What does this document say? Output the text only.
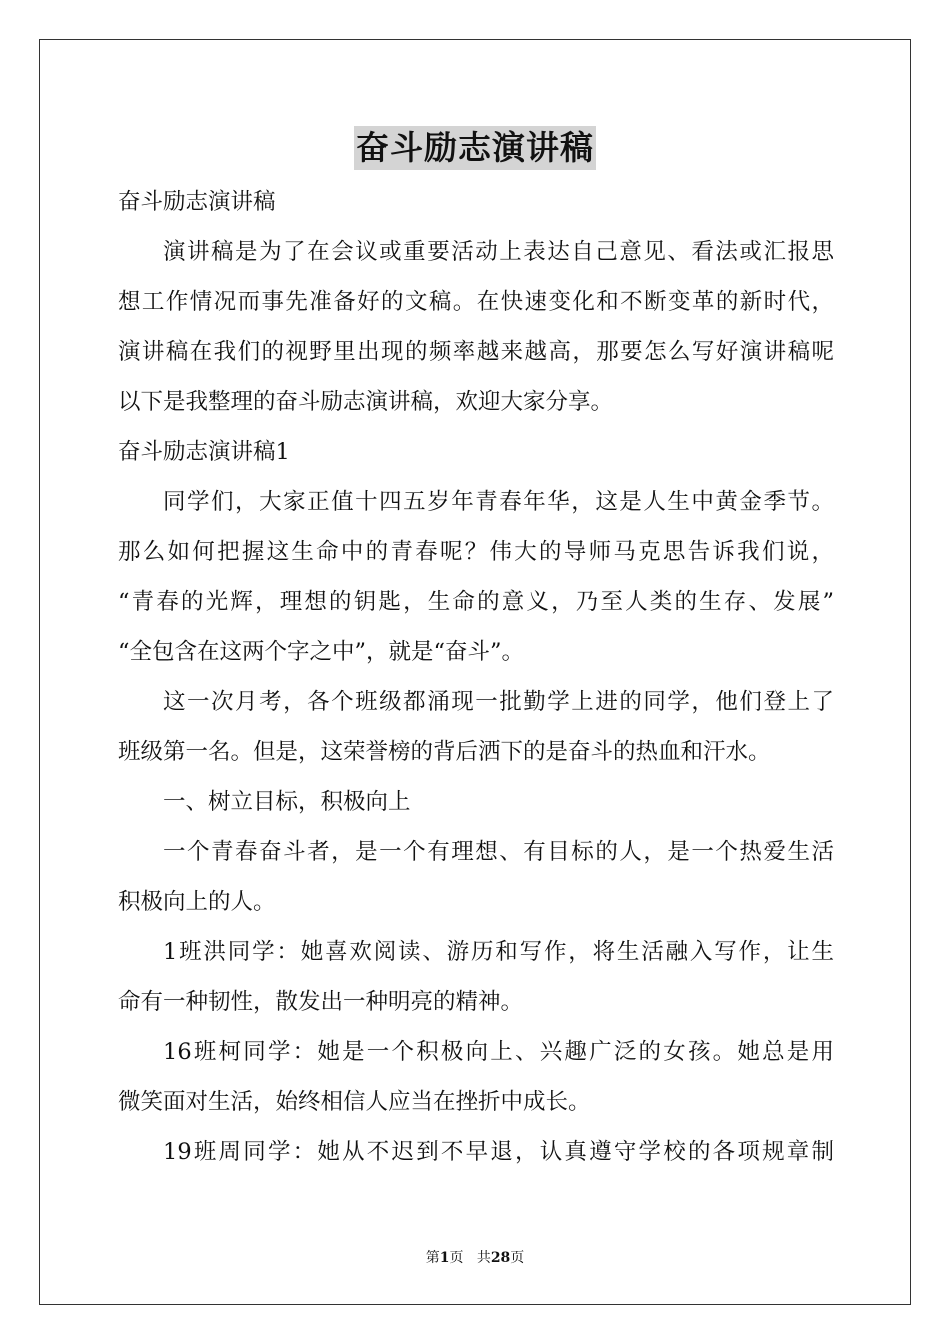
奋斗励志演讲稿
奋斗励志演讲稿
演讲稿是为了在会议或重要活动上表达自己意见、看法或汇报思
想工作情况而事先准备好的文稿。在快速变化和不断变革的新时代，
演讲稿在我们的视野里出现的频率越来越高，那要怎么写好演讲稿呢
以下是我整理的奋斗励志演讲稿，欢迎大家分享。
奋斗励志演讲稿1
同学们，大家正值十四五岁年青春年华，这是人生中黄金季节。
那么如何把握这生命中的青春呢？伟大的导师马克思告诉我们说，
“青春的光辉，理想的钥匙，生命的意义，乃至人类的生存、发展”
“全包含在这两个字之中”，就是“奋斗”。
这一次月考，各个班级都涌现一批勤学上进的同学，他们登上了
班级第一名。但是，这荣誉榜的背后洒下的是奋斗的热血和汗水。
一、树立目标，积极向上
一个青春奋斗者，是一个有理想、有目标的人，是一个热爱生活
积极向上的人。
1班洪同学：她喜欢阅读、游历和写作，将生活融入写作，让生
命有一种韧性，散发出一种明亮的精神。
16班柯同学：她是一个积极向上、兴趣广泛的女孩。她总是用
微笑面对生活，始终相信人应当在挫折中成长。
19班周同学：她从不迟到不早退，认真遵守学校的各项规章制
第1页 共28页
